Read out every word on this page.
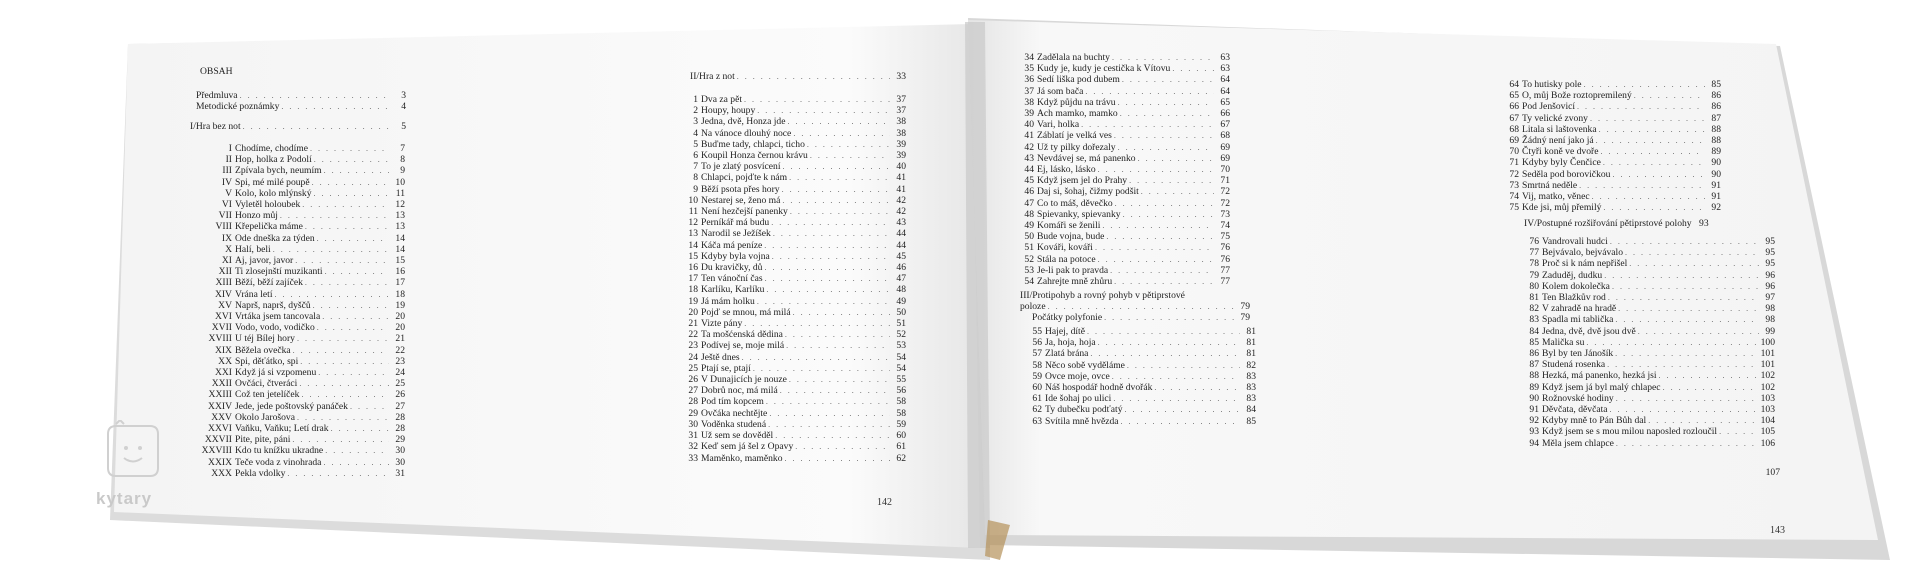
OBSAH
Předmluva . . .	3
Metodické poznámky . . .	4
I/Hra bez not . . .	5
I Chodíme, chodíme . . .	7
II Hop, holka z Podolí . . .	8
III Zpívala bych, neumím . . .	9
IV Spi, mé milé poupě . . .	10
V Kolo, kolo mlýnský . . .	11
VI Vyletěl holoubek . . .	12
VII Honzo můj . . .	13
VIII Křepelička máme . . .	13
IX Ode dneška za týden . . .	14
X Halí, beli . . .	14
XI Aj, javor, javor . . .	15
XII Ti zlosejnští muzikanti . . .	16
XIII Běží, běží zajíček . . .	17
XIV Vrána letí . . .	18
XV Naprš, naprš, dyščů . . .	19
XVI Vrtáka jsem tancovala . . .	20
XVII Vodo, vodo, vodičko . . .	20
XVIII U téj Bílej hory . . .	21
XIX Běžela ovečka . . .	22
XX Spi, děťátko, spi . . .	23
XXI Když já si vzpomenu . . .	24
XXII Ovčáci, čtveráci . . .	25
XXIII Což ten jetelíček . . .	26
XXIV Jede, jede poštovský panáček . . .	27
XXV Okolo Jarošova . . .	28
XXVI Vaňku, Vaňku; Letí drak . . .	28
XXVII Pite, pite, páni . . .	29
XXVIII Kdo tu knížku ukradne . . .	30
XXIX Teče voda z vinohrada . . .	30
XXX Pekla vdolky . . .	31
II/Hra z not . . .	33
1 Dva za pět . . .	37
2 Houpy, houpy . . .	37
3 Jedna, dvě, Honza jde . . .	38
4 Na vánoce dlouhý noce . . .	38
5 Buďme tady, chlapci, ticho . . .	39
6 Koupil Honza černou krávu . . .	39
7 To je zlatý posvícení . . .	40
8 Chlapci, pojďte k nám . . .	41
9 Běží psota přes hory . . .	41
10 Nestarej se, ženo má . . .	42
11 Není hezčejší panenky . . .	42
12 Perníkář má budu . . .	43
13 Narodil se Ježíšek . . .	44
14 Káča má peníze . . .	44
15 Kdyby byla vojna . . .	45
16 Du kravičky, dů . . .	46
17 Ten vánoční čas . . .	47
18 Karlíku, Karlíku . . .	48
19 Já mám holku . . .	49
20 Pojď se mnou, má milá . . .	50
21 Vizte pány . . .	51
22 Ta mošćenská dědina . . .	52
23 Podívej se, moje milá . . .	53
24 Ještě dnes . . .	54
25 Ptají se, ptají . . .	54
26 V Dunajicích je nouze . . .	55
27 Dobrů noc, má milá . . .	56
28 Pod tím kopcem . . .	58
29 Ovčáka nechtějte . . .	58
30 Voděnka studená . . .	59
31 Už sem se dověděl . . .	60
32 Keď sem já šel z Opavy . . .	61
33 Maměnko, maměnko . . .	62
142
34 Zadělala na buchty . . .	63
35 Kudy je, kudy je cestička k Vítovu . . .	63
36 Sedí liška pod dubem . . .	64
37 Já som bača . . .	64
38 Když půjdu na trávu . . .	65
39 Ach mamko, mamko . . .	66
40 Vari, holka . . .	67
41 Záblatí je velká ves . . .	68
42 Už ty pilky dořezaly . . .	69
43 Nevdávej se, má panenko . . .	69
44 Ej, lásko, lásko . . .	70
45 Když jsem jel do Prahy . . .	71
46 Daj si, šohaj, čižmy podšit . . .	72
47 Co to máš, děvečko . . .	72
48 Spievanky, spievanky . . .	73
49 Komáři se ženili . . .	74
50 Bude vojna, bude . . .	75
51 Kováři, kováři . . .	76
52 Stála na potoce . . .	76
53 Je-li pak to pravda . . .	77
54 Zahrejte mně zhůru . . .	77
III/Protipohyb a rovný pohyb v pětiprstové
poloze . . .	79
Počátky polyfonie . . .	79
55 Hajej, dítě . . .	81
56 Ja, hoja, hoja . . .	81
57 Zlatá brána . . .	81
58 Něco sobě vyděláme . . .	82
59 Ovce moje, ovce . . .	83
60 Náš hospodář hodně dvořák . . .	83
61 Ide šohaj po ulici . . .	83
62 Ty dubečku podťatý . . .	84
63 Svítila mně hvězda . . .	85
64 To hutisky pole . . .	85
65 O, můj Bože roztopremilený . . .	86
66 Pod Jenšovicí . . .	86
67 Ty velické zvony . . .	87
68 Litala si laštovenka . . .	88
69 Žádný není jako já . . .	88
70 Čtyři koně ve dvoře . . .	89
71 Kdyby byly Čenčice . . .	90
72 Seděla pod borovičkou . . .	90
73 Smrtná neděle . . .	91
74 Vij, matko, věnec . . .	91
75 Kde jsi, můj přemilý . . .	92
IV/Postupné rozšiřování pětiprstové polohy 93
76 Vandrovali hudci . . .	95
77 Bejvávalo, bejvávalo . . .	95
78 Proč si k nám nepřišel . . .	95
79 Zaduděj, dudku . . .	96
80 Kolem dokolečka . . .	96
81 Ten Blažkův rod . . .	97
82 V zahradě na hradě . . .	98
83 Spadla mi tablička . . .	98
84 Jedna, dvě, dvě jsou dvě . . .	99
85 Malička su . . .	100
86 Byl by ten Jánošík . . .	101
87 Studená rosenka . . .	101
88 Hezká, má panenko, hezká jsi . . .	102
89 Když jsem já byl malý chlapec . . .	102
90 Rožnovské hodiny . . .	103
91 Děvčata, děvčata . . .	103
92 Kdyby mně to Pán Bůh dal . . .	104
93 Když jsem se s mou milou naposled rozloučil . . .	105
94 Měla jsem chlapce . . .	106
107
143
kytary
